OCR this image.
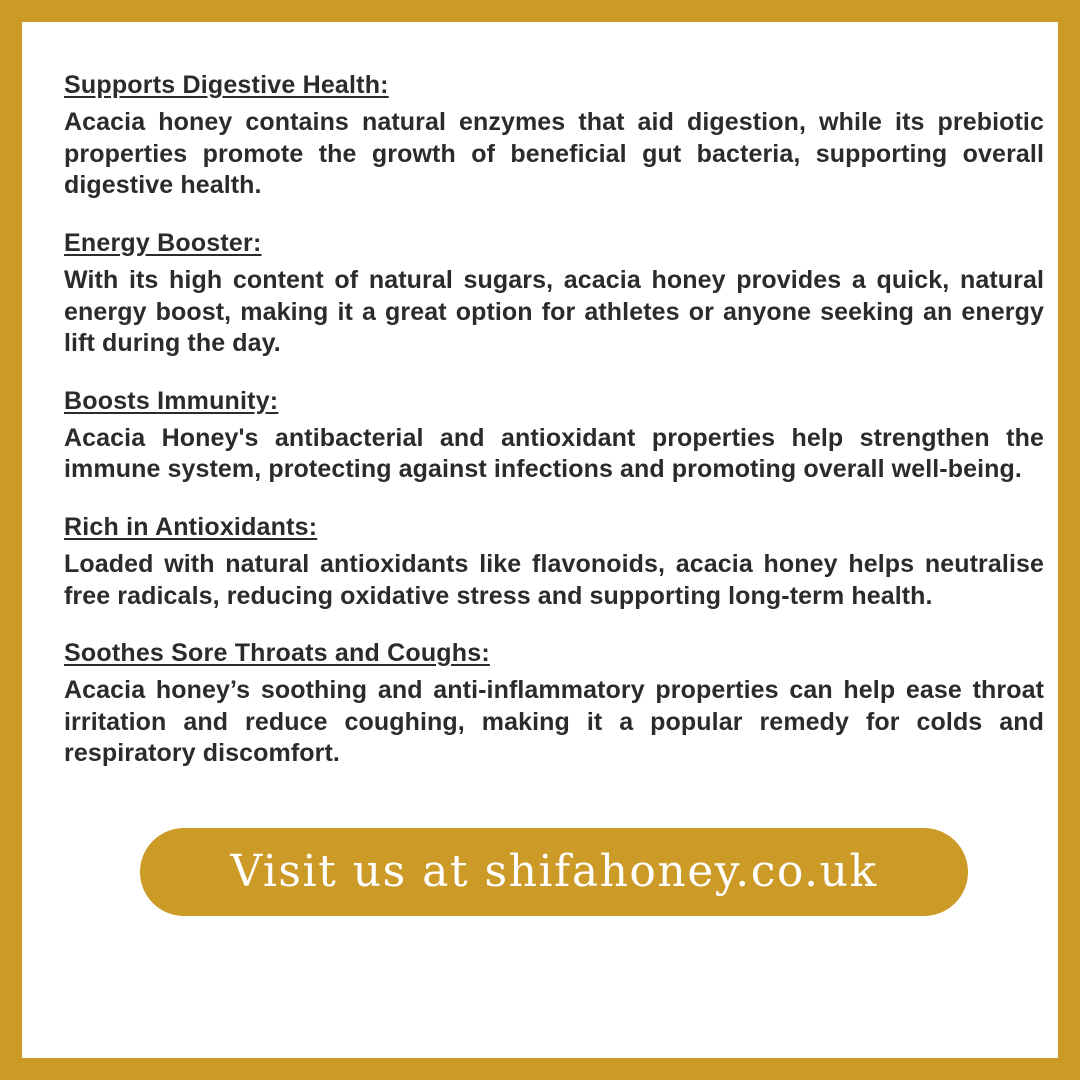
Supports Digestive Health:

Acacia honey contains natural enzymes that aid digestion, while its prebiotic properties promote the growth of beneficial gut bacteria, supporting overall digestive health.

Energy Booster:

With its high content of natural sugars, acacia honey provides a quick, natural energy boost, making it a great option for athletes or anyone seeking an energy lift during the day.

Boosts Immunity:

Acacia Honey's antibacterial and antioxidant properties help strengthen the immune system, protecting against infections and promoting overall well-being.

Rich in Antioxidants:

Loaded with natural antioxidants like flavonoids, acacia honey helps neutralise free radicals, reducing oxidative stress and supporting long-term health.

Soothes Sore Throats and Coughs:

Acacia honey’s soothing and anti-inflammatory properties can help ease throat irritation and reduce coughing, making it a popular remedy for colds and respiratory discomfort.

Visit us at shifahoney.co.uk
